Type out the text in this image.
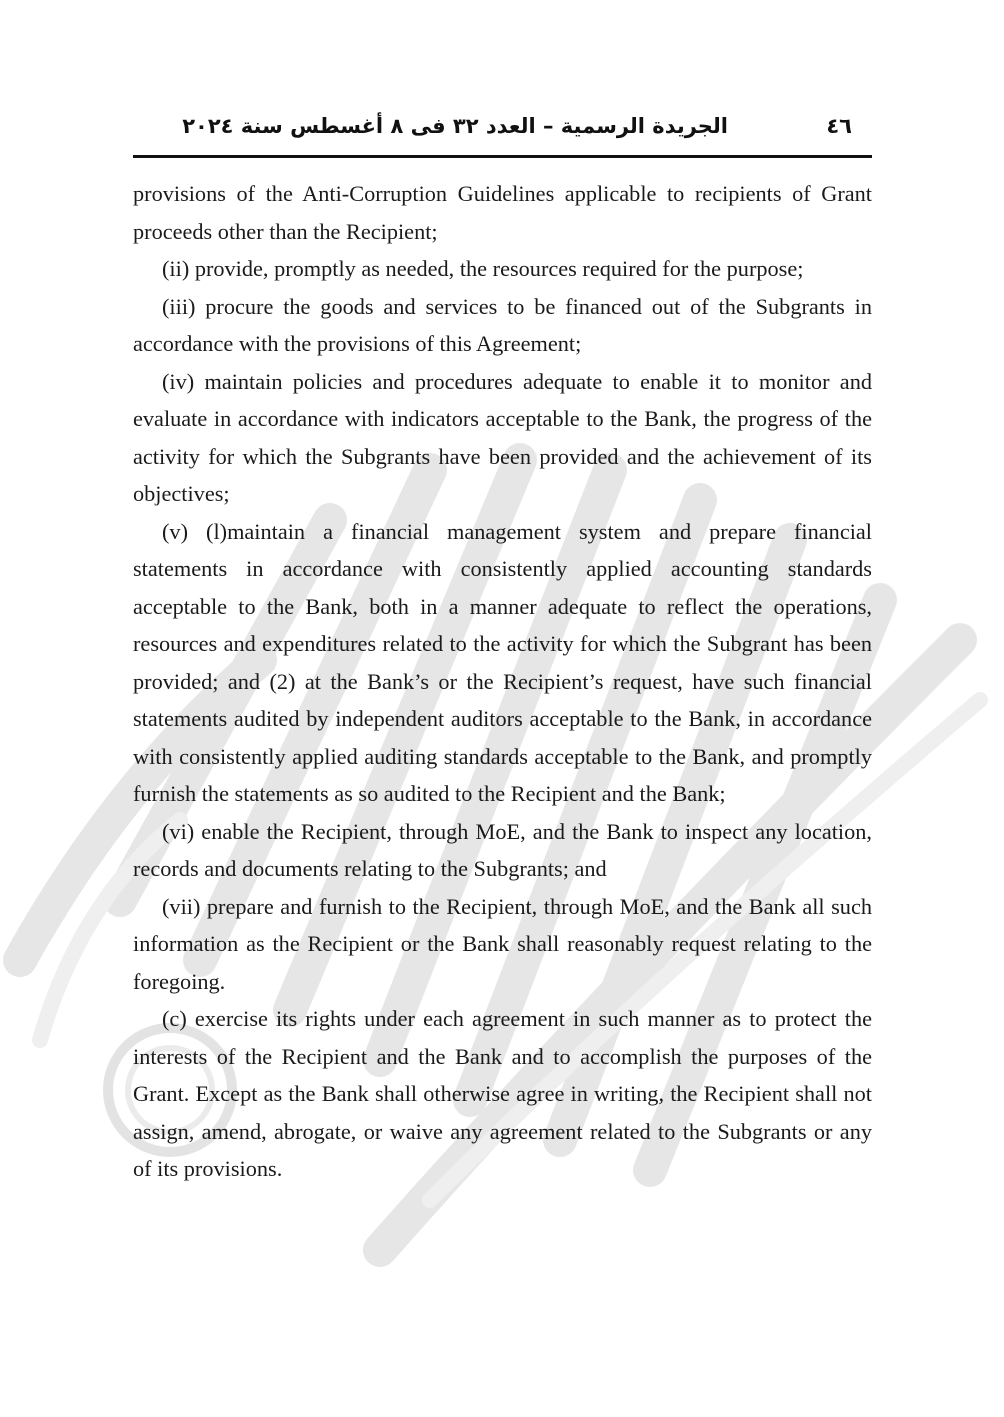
الجريدة الرسمية – العدد ٣٢ فى ٨ أغسطس سنة ٢٠٢٤	٤٦

provisions of the Anti-Corruption Guidelines applicable to recipients of Grant proceeds other than the Recipient;

(ii) provide, promptly as needed, the resources required for the purpose;

(iii) procure the goods and services to be financed out of the Subgrants in accordance with the provisions of this Agreement;

(iv) maintain policies and procedures adequate to enable it to monitor and evaluate in accordance with indicators acceptable to the Bank, the progress of the activity for which the Subgrants have been provided and the achievement of its objectives;

(v) (l)maintain a financial management system and prepare financial statements in accordance with consistently applied accounting standards acceptable to the Bank, both in a manner adequate to reflect the operations, resources and expenditures related to the activity for which the Subgrant has been provided; and (2) at the Bank’s or the Recipient’s request, have such financial statements audited by independent auditors acceptable to the Bank, in accordance with consistently applied auditing standards acceptable to the Bank, and promptly furnish the statements as so audited to the Recipient and the Bank;

(vi) enable the Recipient, through MoE, and the Bank to inspect any location, records and documents relating to the Subgrants; and

(vii) prepare and furnish to the Recipient, through MoE, and the Bank all such information as the Recipient or the Bank shall reasonably request relating to the foregoing.

(c) exercise its rights under each agreement in such manner as to protect the interests of the Recipient and the Bank and to accomplish the purposes of the Grant. Except as the Bank shall otherwise agree in writing, the Recipient shall not assign, amend, abrogate, or waive any agreement related to the Subgrants or any of its provisions.
